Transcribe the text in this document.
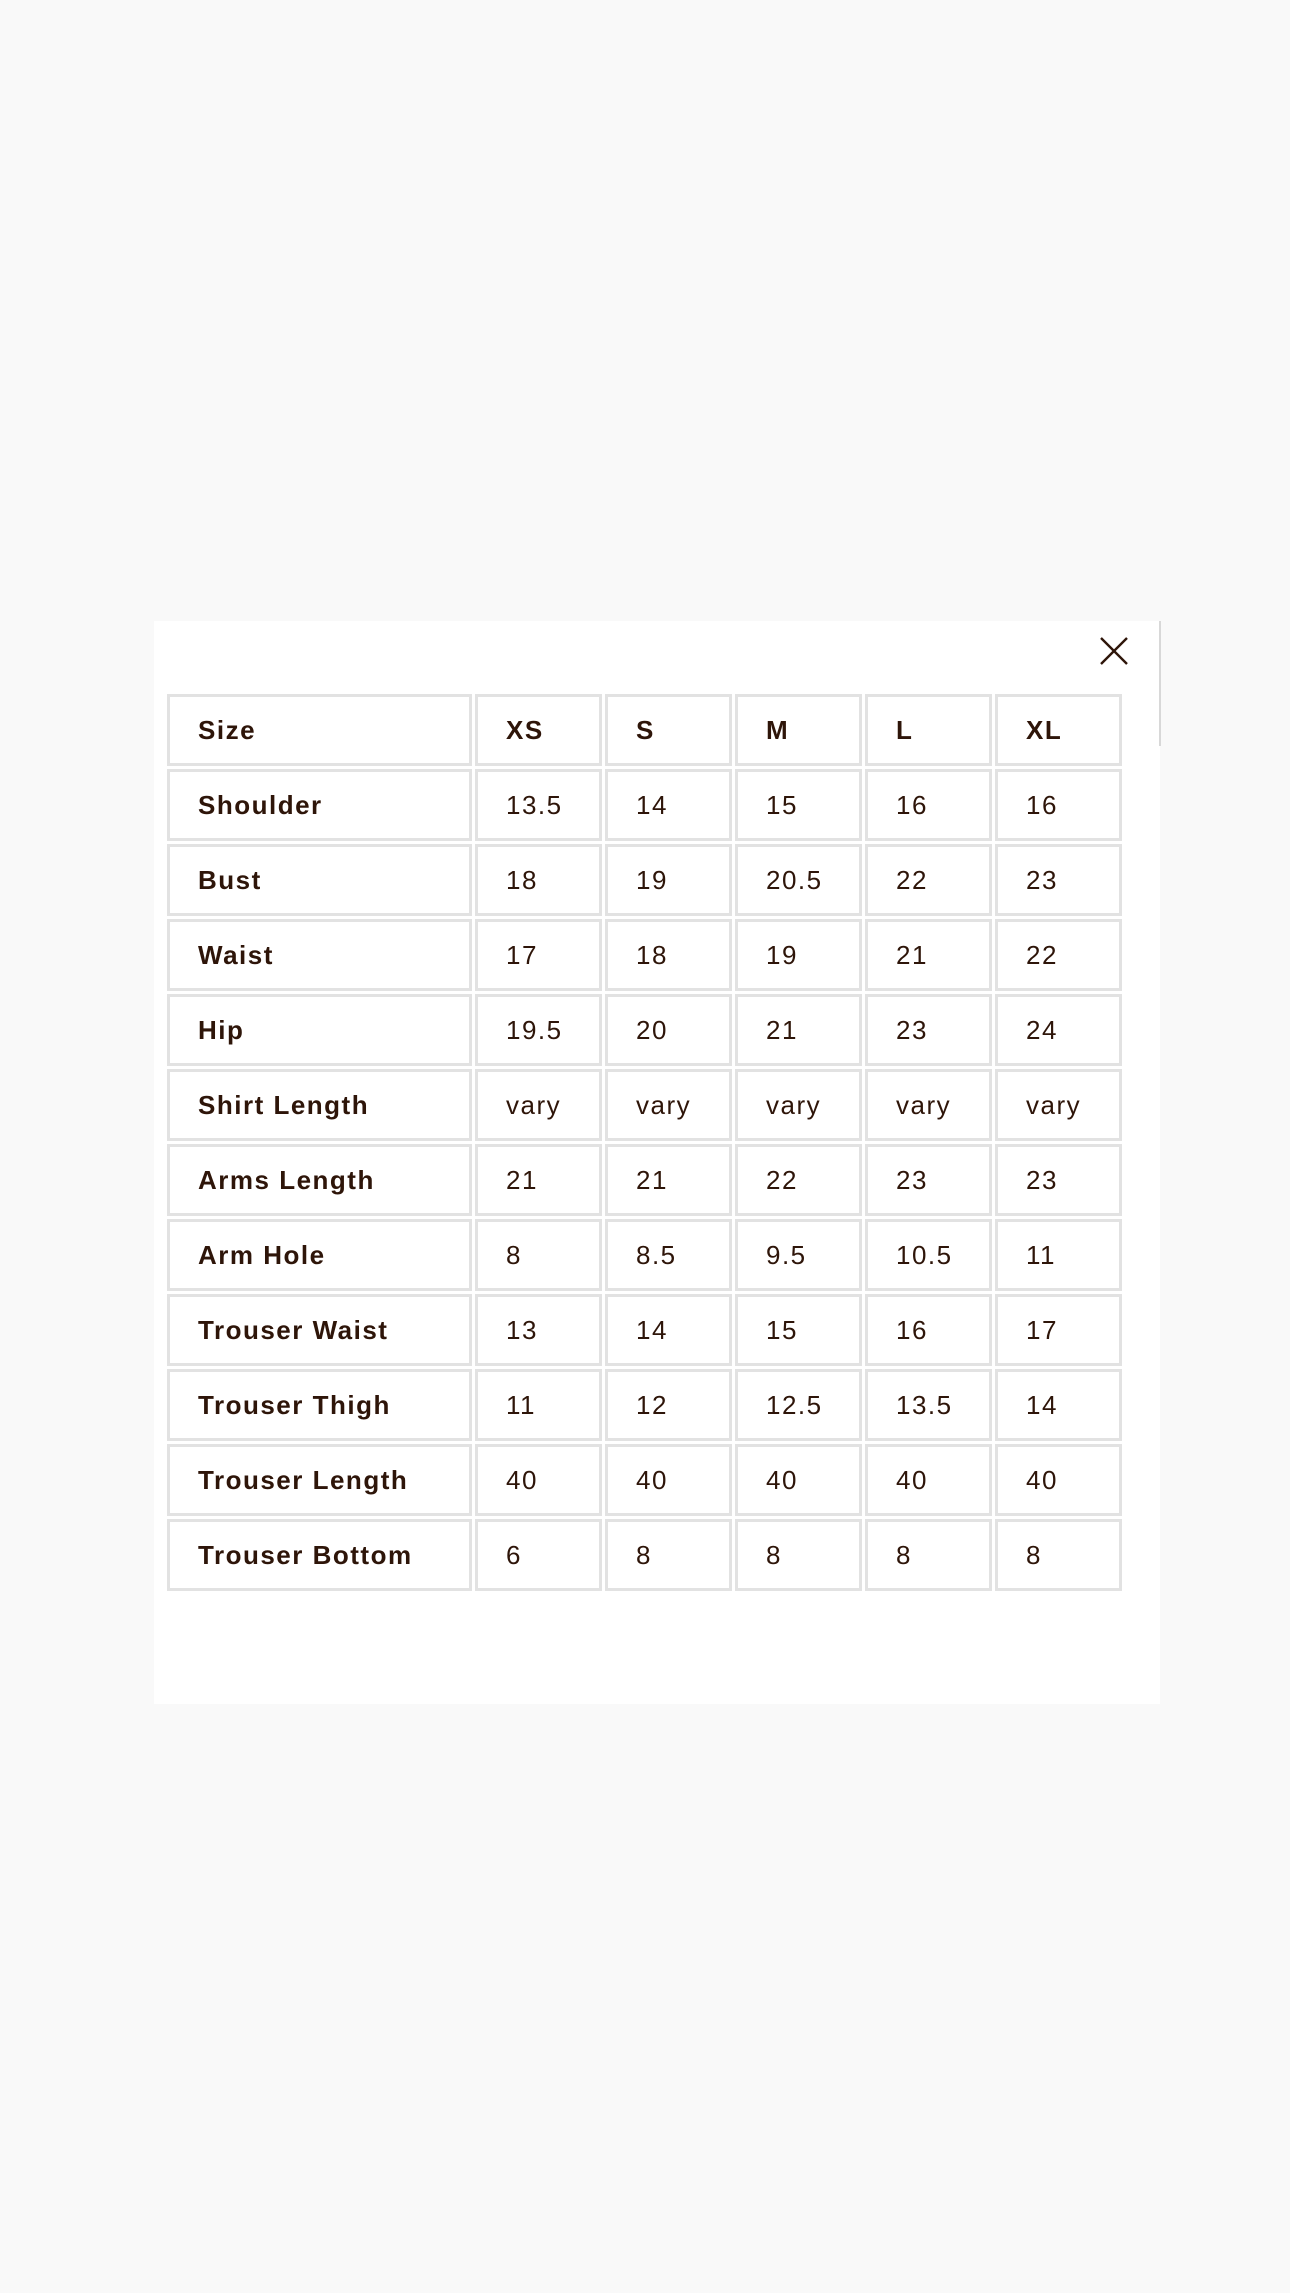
Size	XS	S	M	L	XL
Shoulder	13.5	14	15	16	16
Bust	18	19	20.5	22	23
Waist	17	18	19	21	22
Hip	19.5	20	21	23	24
Shirt Length	vary	vary	vary	vary	vary
Arms Length	21	21	22	23	23
Arm Hole	8	8.5	9.5	10.5	11
Trouser Waist	13	14	15	16	17
Trouser Thigh	11	12	12.5	13.5	14
Trouser Length	40	40	40	40	40
Trouser Bottom	6	8	8	8	8
